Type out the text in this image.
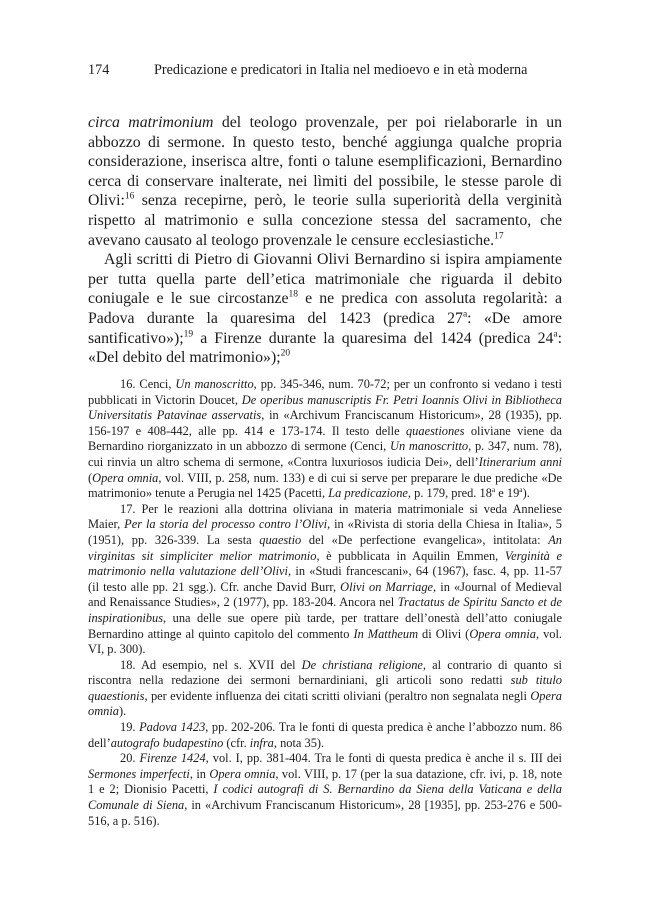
174	Predicazione e predicatori in Italia nel medioevo e in età moderna

circa matrimonium del teologo provenzale, per poi rielaborarle in un abbozzo di sermone. In questo testo, benché aggiunga qualche propria considerazione, inserisca altre, fonti o talune esemplificazioni, Bernardino cerca di conservare inalterate, nei lìmiti del possibile, le stesse parole di Olivi:$^{16}$ senza recepirne, però, le teorie sulla superiorità della verginità rispetto al matrimonio e sulla concezione stessa del sacramento, che avevano causato al teologo provenzale le censure ecclesiastiche.$^{17}$

Agli scritti di Pietro di Giovanni Olivi Bernardino si ispira ampiamente per tutta quella parte dell’etica matrimoniale che riguarda il debito coniugale e le sue circostanze$^{18}$ e ne predica con assoluta regolarità: a Padova durante la quaresima del 1423 (predica 27$^a$: «De amore santificativo»);$^{19}$ a Firenze durante la quaresima del 1424 (predica 24$^a$: «Del debito del matrimonio»);$^{20}$

16. Cenci, Un manoscritto, pp. 345-346, num. 70-72; per un confronto si vedano i testi pubblicati in Victorin Doucet, De operibus manuscriptis Fr. Petri Ioannis Olivi in Bibliotheca Universitatis Patavinae asservatis, in «Archivum Franciscanum Historicum», 28 (1935), pp. 156-197 e 408-442, alle pp. 414 e 173-174. Il testo delle quaestiones oliviane viene da Bernardino riorganizzato in un abbozzo di sermone (Cenci, Un manoscritto, p. 347, num. 78), cui rinvia un altro schema di sermone, «Contra luxuriosos iudicia Dei», dell’Itinerarium anni (Opera omnia, vol. VIII, p. 258, num. 133) e di cui si serve per preparare le due prediche «De matrimonio» tenute a Perugia nel 1425 (Pacetti, La predicazione, p. 179, pred. 18$^a$ e 19$^a$).

17. Per le reazioni alla dottrina oliviana in materia matrimoniale si veda Anneliese Maier, Per la storia del processo contro l’Olivi, in «Rivista di storia della Chiesa in Italia», 5 (1951), pp. 326-339. La sesta quaestio del «De perfectione evangelica», intitolata: An virginitas sit simpliciter melior matrimonio, è pubblicata in Aquilin Emmen, Verginità e matrimonio nella valutazione dell’Olivi, in «Studi francescani», 64 (1967), fasc. 4, pp. 11-57 (il testo alle pp. 21 sgg.). Cfr. anche David Burr, Olivi on Marriage, in «Journal of Medieval and Renaissance Studies», 2 (1977), pp. 183-204. Ancora nel Tractatus de Spiritu Sancto et de inspirationibus, una delle sue opere più tarde, per trattare dell’onestà dell’atto coniugale Bernardino attinge al quinto capitolo del commento In Mattheum di Olivi (Opera omnia, vol. VI, p. 300).

18. Ad esempio, nel s. XVII del De christiana religione, al contrario di quanto si riscontra nella redazione dei sermoni bernardiniani, gli articoli sono redatti sub titulo quaestionis, per evidente influenza dei citati scritti oliviani (peraltro non segnalata negli Opera omnia).

19. Padova 1423, pp. 202-206. Tra le fonti di questa predica è anche l’abbozzo num. 86 dell’autografo budapestino (cfr. infra, nota 35).

20. Firenze 1424, vol. I, pp. 381-404. Tra le fonti di questa predica è anche il s. III dei Sermones imperfecti, in Opera omnia, vol. VIII, p. 17 (per la sua datazione, cfr. ivi, p. 18, note 1 e 2; Dionisio Pacetti, I codici autografi di S. Bernardino da Siena della Vaticana e della Comunale di Siena, in «Archivum Franciscanum Historicum», 28 [1935], pp. 253-276 e 500-516, a p. 516).
